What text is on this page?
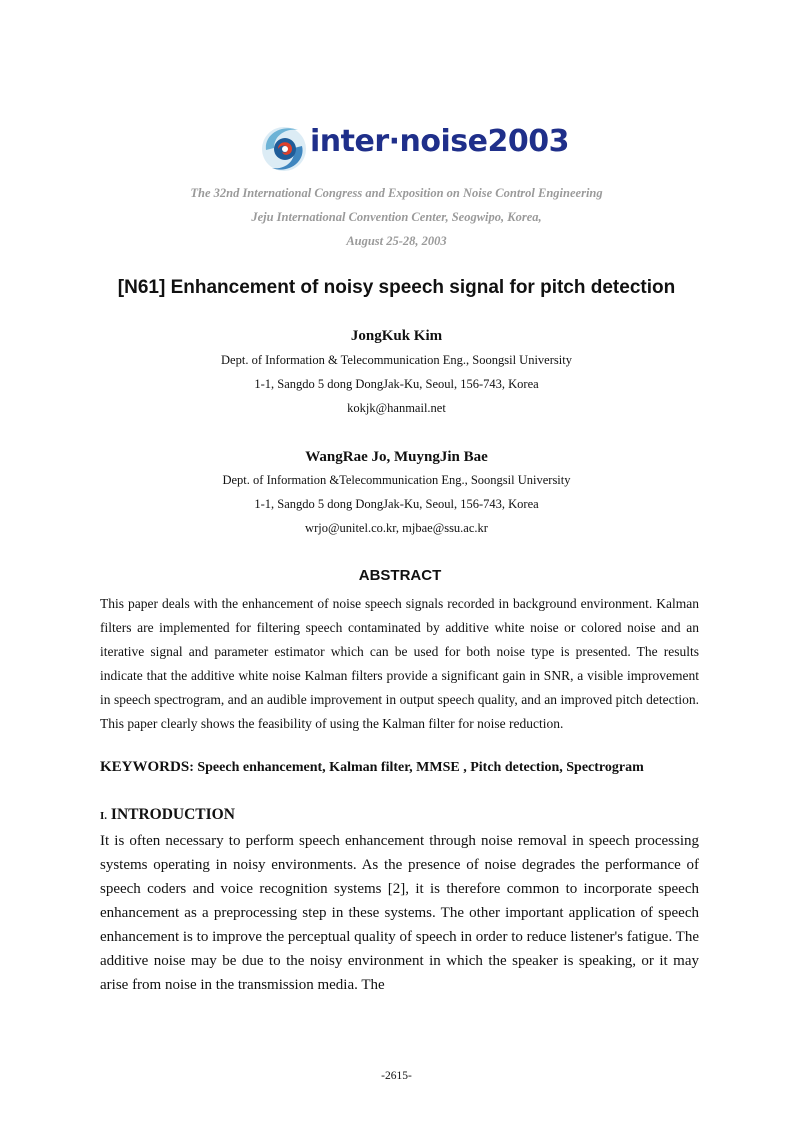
inter·noise2003
The 32nd International Congress and Exposition on Noise Control Engineering
Jeju International Convention Center, Seogwipo, Korea,
August 25-28, 2003
[N61] Enhancement of noisy speech signal for pitch detection
JongKuk Kim
Dept. of Information & Telecommunication Eng., Soongsil University
1-1, Sangdo 5 dong DongJak-Ku, Seoul, 156-743, Korea
kokjk@hanmail.net
WangRae Jo, MuyngJin Bae
Dept. of Information &Telecommunication Eng., Soongsil University
1-1, Sangdo 5 dong DongJak-Ku, Seoul, 156-743, Korea
wrjo@unitel.co.kr, mjbae@ssu.ac.kr
ABSTRACT
This paper deals with the enhancement of noise speech signals recorded in background environment. Kalman filters are implemented for filtering speech contaminated by additive white noise or colored noise and an iterative signal and parameter estimator which can be used for both noise type is presented. The results indicate that the additive white noise Kalman filters provide a significant gain in SNR, a visible improvement in speech spectrogram, and an audible improvement in output speech quality, and an improved pitch detection. This paper clearly shows the feasibility of using the Kalman filter for noise reduction.
KEYWORDS: Speech enhancement, Kalman filter, MMSE , Pitch detection, Spectrogram
I. INTRODUCTION
It is often necessary to perform speech enhancement through noise removal in speech processing systems operating in noisy environments. As the presence of noise degrades the performance of speech coders and voice recognition systems [2], it is therefore common to incorporate speech enhancement as a preprocessing step in these systems. The other important application of speech enhancement is to improve the perceptual quality of speech in order to reduce listener's fatigue. The additive noise may be due to the noisy environment in which the speaker is speaking, or it may arise from noise in the transmission media. The
-2615-
